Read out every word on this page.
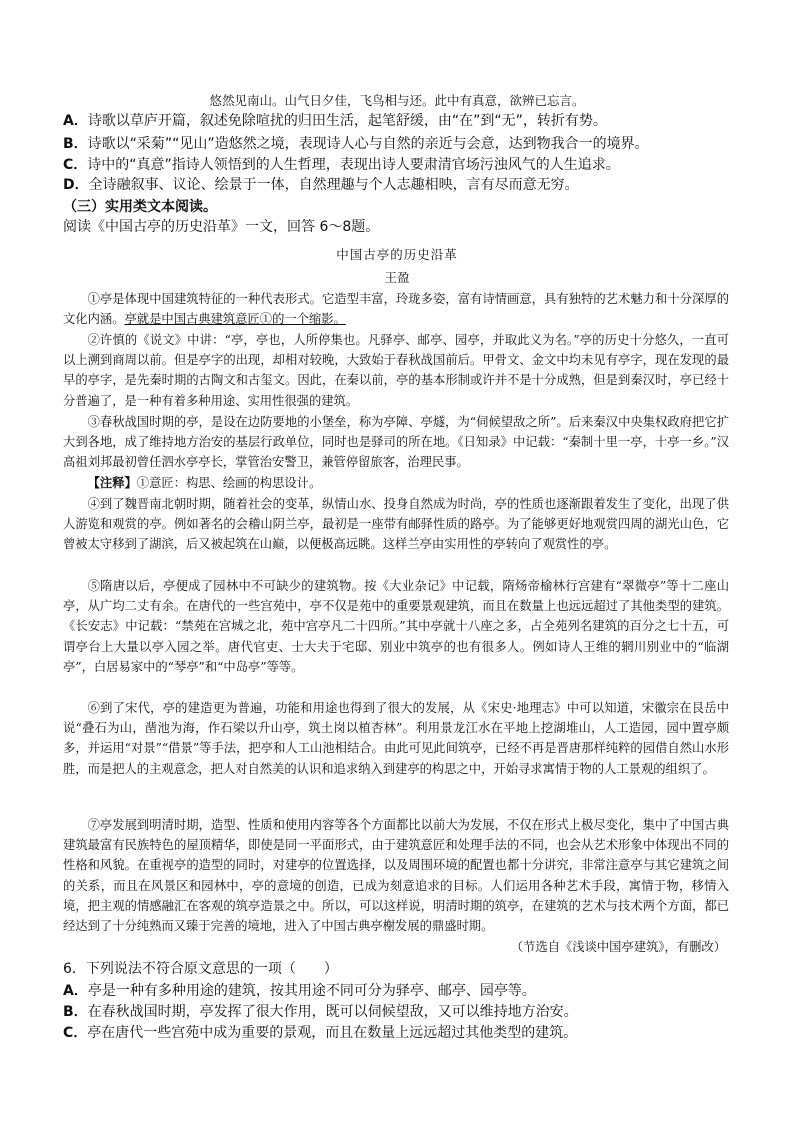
悠然见南山。山气日夕佳，飞鸟相与还。此中有真意，欲辨已忘言。
A．诗歌以草庐开篇，叙述免除喧扰的归田生活，起笔舒缓，由“在”到“无”，转折有势。
B．诗歌以“采菊”“见山”造悠然之境，表现诗人心与自然的亲近与会意，达到物我合一的境界。
C．诗中的“真意”指诗人领悟到的人生哲理，表现出诗人要肃清官场污浊风气的人生追求。
D．全诗融叙事、议论、绘景于一体，自然理趣与个人志趣相映，言有尽而意无穷。
（三）实用类文本阅读。
阅读《中国古亭的历史沿革》一文，回答 6～8题。
中国古亭的历史沿革
王盈
①亭是体现中国建筑特征的一种代表形式。它造型丰富，玲珑多姿，富有诗情画意，具有独特的艺术魅力和十分深厚的文化内涵。亭就是中国古典建筑意匠①的一个缩影。
②许慎的《说文》中讲：“亭，亭也，人所停集也。凡驿亭、邮亭、园亭，并取此义为名。”亭的历史十分悠久，一直可以上溯到商周以前。但是亭字的出现，却相对较晚，大致始于春秋战国前后。甲骨文、金文中均未见有亭字，现在发现的最早的亭字，是先秦时期的古陶文和古玺文。因此，在秦以前，亭的基本形制或许并不是十分成熟，但是到秦汉时，亭已经十分普遍了，是一种有着多种用途、实用性很强的建筑。
③春秋战国时期的亭，是设在边防要地的小堡垒，称为亭障、亭燧，为“伺候望敌之所”。后来秦汉中央集权政府把它扩大到各地，成了维持地方治安的基层行政单位，同时也是驿司的所在地。《日知录》中记载：“秦制十里一亭，十亭一乡。”汉高祖刘邦最初曾任泗水亭亭长，掌管治安警卫，兼管停留旅客，治理民事。
【注释】①意匠：构思、绘画的构思设计。
④到了魏晋南北朝时期，随着社会的变革，纵情山水、投身自然成为时尚，亭的性质也逐渐跟着发生了变化，出现了供人游览和观赏的亭。例如著名的会稽山阴兰亭，最初是一座带有邮驿性质的路亭。为了能够更好地观赏四周的湖光山色，它曾被太守移到了湖滨，后又被起筑在山巅，以便极高远眺。这样兰亭由实用性的亭转向了观赏性的亭。
⑤隋唐以后，亭便成了园林中不可缺少的建筑物。按《大业杂记》中记载，隋炀帝榆林行宫建有“翠微亭”等十二座山亭，从广均二丈有余。在唐代的一些宫苑中，亭不仅是苑中的重要景观建筑，而且在数量上也远远超过了其他类型的建筑。《长安志》中记载：“禁苑在宫城之北，苑中宫亭凡二十四所。”其中亭就十八座之多，占全苑列名建筑的百分之七十五，可谓亭台上大量以亭入园之举。唐代官吏、士大夫于宅邸、别业中筑亭的也有很多人。例如诗人王维的辋川别业中的“临湖亭”，白居易家中的“琴亭”和“中岛亭”等等。
⑥到了宋代，亭的建造更为普遍，功能和用途也得到了很大的发展，从《宋史·地理志》中可以知道，宋徽宗在艮岳中说“叠石为山，凿池为海，作石梁以升山亭，筑土岗以植杏林”。利用景龙江水在平地上挖湖堆山，人工造园，园中置亭颇多，并运用“对景”“借景”等手法，把亭和人工山池相结合。由此可见此间筑亭，已经不再是晋唐那样纯粹的园借自然山水形胜，而是把人的主观意念，把人对自然美的认识和追求纳入到建亭的构思之中，开始寻求寓情于物的人工景观的组织了。
⑦亭发展到明清时期，造型、性质和使用内容等各个方面都比以前大为发展，不仅在形式上极尽变化，集中了中国古典建筑最富有民族特色的屋顶精华，即使是同一平面形式，由于建筑意匠和处理手法的不同，也会从艺术形象中体现出不同的性格和风貌。在重视亭的造型的同时，对建亭的位置选择，以及周围环境的配置也都十分讲究，非常注意亭与其它建筑之间的关系，而且在风景区和园林中，亭的意境的创造，已成为刻意追求的目标。人们运用各种艺术手段，寓情于物，移情入境，把主观的情感融汇在客观的筑亭造景之中。所以，可以这样说，明清时期的筑亭，在建筑的艺术与技术两个方面，都已经达到了十分纯熟而又臻于完善的境地，进入了中国古典亭榭发展的鼎盛时期。
（节选自《浅谈中国亭建筑》，有删改）
6．下列说法不符合原文意思的一项（　　）
A．亭是一种有多种用途的建筑，按其用途不同可分为驿亭、邮亭、园亭等。
B．在春秋战国时期，亭发挥了很大作用，既可以伺候望敌，又可以维持地方治安。
C．亭在唐代一些宫苑中成为重要的景观，而且在数量上远远超过其他类型的建筑。
